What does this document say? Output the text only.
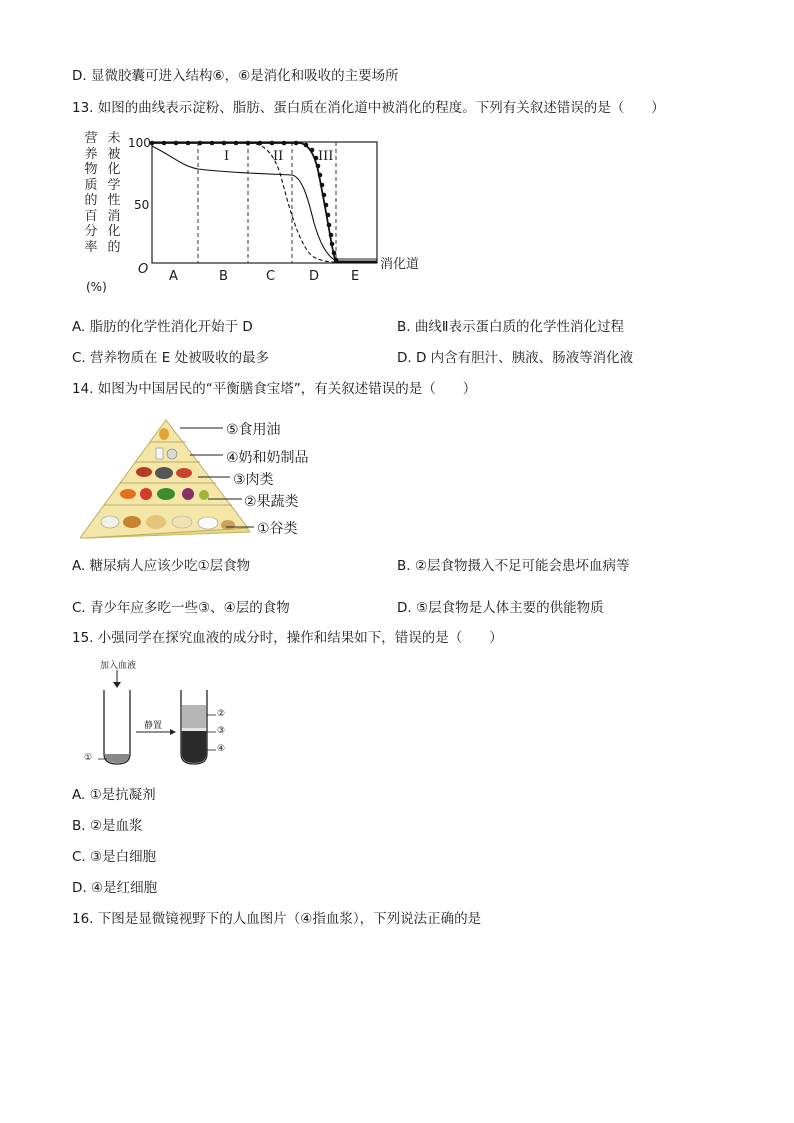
D. 显微胶囊可进入结构⑥，⑥是消化和吸收的主要场所
13. 如图的曲线表示淀粉、脂肪、蛋白质在消化道中被消化的程度。下列有关叙述错误的是（　　）
营养物质的百分率
未被化学性消化的
(%)
100
50
O A	B	C	D E
I	II	III
消化道
A. 脂肪的化学性消化开始于 D	B. 曲线Ⅱ表示蛋白质的化学性消化过程
C. 营养物质在 E 处被吸收的最多	D. D 内含有胆汁、胰液、肠液等消化液
14. 如图为中国居民的“平衡膳食宝塔”，有关叙述错误的是（　　）
⑤食用油
④奶和奶制品
③肉类
②果蔬类
①谷类
A. 糖尿病人应该少吃①层食物	B. ②层食物摄入不足可能会患坏血病等
C. 青少年应多吃一些③、④层的食物	D. ⑤层食物是人体主要的供能物质
15. 小强同学在探究血液的成分时，操作和结果如下，错误的是（　　）
加入血液
静置
①
②
③
④
A. ①是抗凝剂
B. ②是血浆
C. ③是白细胞
D. ④是红细胞
16. 下图是显微镜视野下的人血图片（④指血浆），下列说法正确的是
